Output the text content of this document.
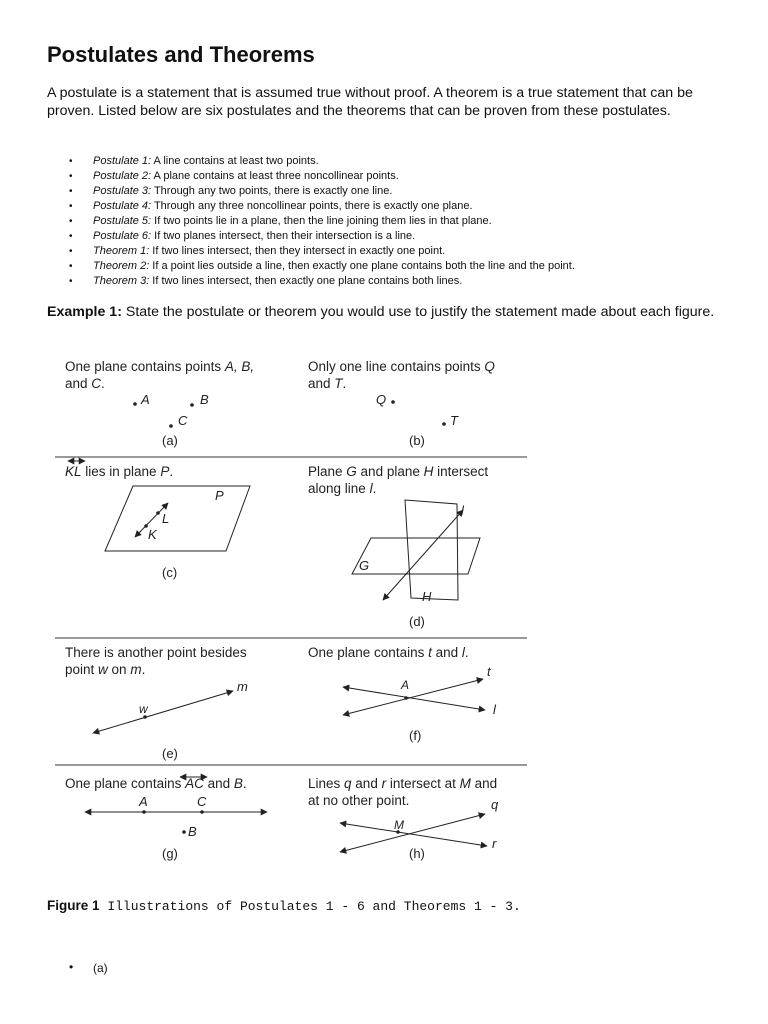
Postulates and Theorems

A postulate is a statement that is assumed true without proof. A theorem is a true statement that can be proven. Listed below are six postulates and the theorems that can be proven from these postulates.

• Postulate 1: A line contains at least two points.
• Postulate 2: A plane contains at least three noncollinear points.
• Postulate 3: Through any two points, there is exactly one line.
• Postulate 4: Through any three noncollinear points, there is exactly one plane.
• Postulate 5: If two points lie in a plane, then the line joining them lies in that plane.
• Postulate 6: If two planes intersect, then their intersection is a line.
• Theorem 1: If two lines intersect, then they intersect in exactly one point.
• Theorem 2: If a point lies outside a line, then exactly one plane contains both the line and the point.
• Theorem 3: If two lines intersect, then exactly one plane contains both lines.

Example 1: State the postulate or theorem you would use to justify the statement made about each figure.

One plane contains points A, B,
and C.
A	B
C
(a)
Only one line contains points Q
and T.
Q
T
(b)
KL lies in plane P.
P
L
K
(c)
Plane G and plane H intersect
along line l.
G
H
l
(d)
There is another point besides
point w on m.
w
m
(e)
One plane contains t and l.
A
t
l
(f)
One plane contains AC and B.
A	C
B
(g)
Lines q and r intersect at M and
at no other point.
M
q
r
(h)
Figure 1 Illustrations of Postulates 1 - 6 and Theorems 1 - 3.
• (a)
